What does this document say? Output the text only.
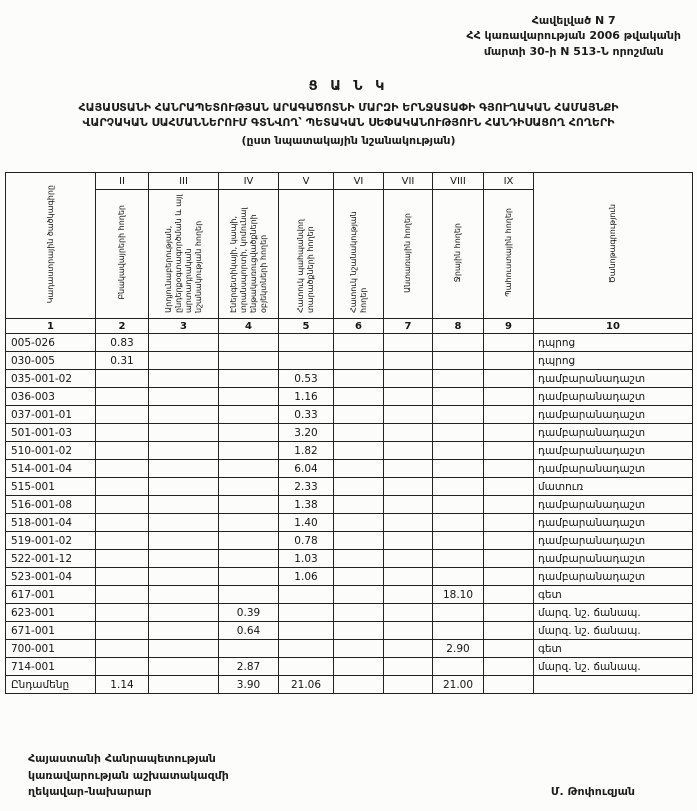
Հավելված N 7
ՀՀ կառավարության 2006 թվականի
մարտի 30-ի N 513-Ն որոշման
Ց Ա Ն Կ
ՀԱՅԱՍՏԱՆԻ ՀԱՆՐԱՊԵՏՈՒԹՅԱՆ ԱՐԱԳԱԾՈՏՆԻ ՄԱՐԶԻ ԵՐՆՋԱՏԱՓԻ ԳՅՈՒՂԱԿԱՆ ՀԱՄԱՅՆՔԻ
ՎԱՐՉԱԿԱՆ ՍԱՀՄԱՆՆԵՐՈՒՄ ԳՏՆՎՈՂ՝ ՊԵՏԱԿԱՆ ՍԵՓԱԿԱՆՈՒԹՅՈՒՆ ՀԱՆԴԻՍԱՑՈՂ ՀՈՂԵՐԻ
(ըստ նպատակային նշանակության)
Կադաստրային ծածկագիրը	II	III	IV	V	VI	VII	VIII	IX	Ծանոթագրություն
	Բնակավայրերի հողեր	Արդյունաբերության, ընդերքօգտագործման և այլ արտադրական նշանակության հողեր	Էներգետիկայի, կապի, տրանսպորտի, կոմունալ ենթակառուցվածքների օբյեկտների հողեր	Հատուկ պահպանվող տարածքների հողեր	Հատուկ նշանակության հողեր	Անտառային հողեր	Ջրային հողեր	Պահուստային հողեր	
1	2	3	4	5	6	7	8	9	10
005-026	0.83								դպրոց
030-005	0.31								դպրոց
035-001-02				0.53					դամբարանադաշտ
036-003				1.16					դամբարանադաշտ
037-001-01				0.33					դամբարանադաշտ
501-001-03				3.20					դամբարանադաշտ
510-001-02				1.82					դամբարանադաշտ
514-001-04				6.04					դամբարանադաշտ
515-001				2.33					մատուռ
516-001-08				1.38					դամբարանադաշտ
518-001-04				1.40					դամբարանադաշտ
519-001-02				0.78					դամբարանադաշտ
522-001-12				1.03					դամբարանադաշտ
523-001-04				1.06					դամբարանադաշտ
617-001							18.10		գետ
623-001			0.39						մարզ. նշ. ճանապ.
671-001			0.64						մարզ. նշ. ճանապ.
700-001							2.90		գետ
714-001			2.87						մարզ. նշ. ճանապ.
Ընդամենը	1.14		3.90	21.06			21.00		
Հայաստանի Հանրապետության
կառավարության աշխատակազմի
ղեկավար-նախարար	Մ. Թոփուզյան
